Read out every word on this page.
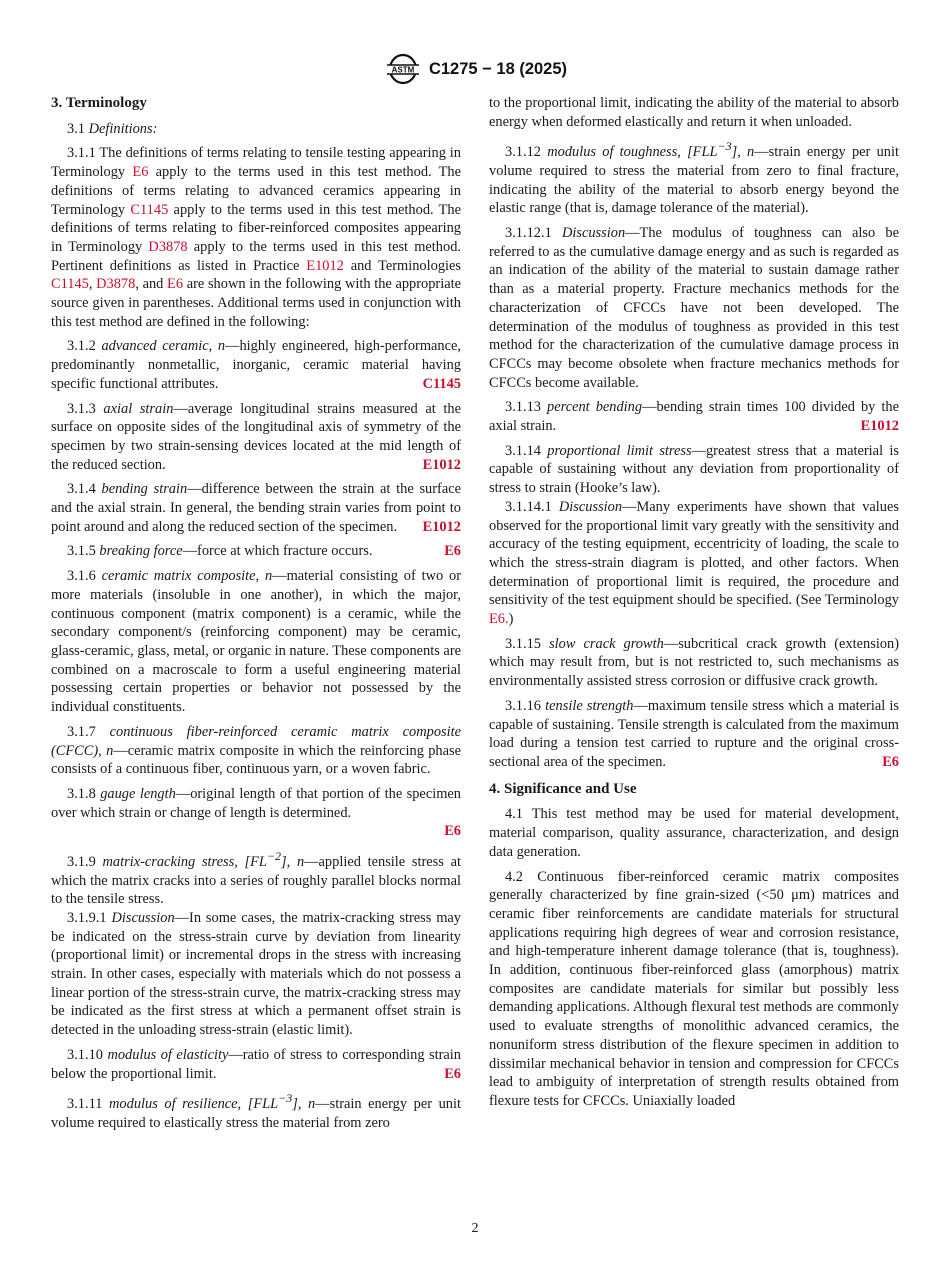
ASTM C1275 − 18 (2025)
3. Terminology

3.1 Definitions:

3.1.1 The definitions of terms relating to tensile testing appearing in Terminology E6 apply to the terms used in this test method. The definitions of terms relating to advanced ceramics appearing in Terminology C1145 apply to the terms used in this test method. The definitions of terms relating to fiber-reinforced composites appearing in Terminology D3878 apply to the terms used in this test method. Pertinent definitions as listed in Practice E1012 and Terminologies C1145, D3878, and E6 are shown in the following with the appropriate source given in parentheses. Additional terms used in conjunction with this test method are defined in the following:

3.1.2 advanced ceramic, n—highly engineered, high-performance, predominantly nonmetallic, inorganic, ceramic material having specific functional attributes.	C1145

3.1.3 axial strain—average longitudinal strains measured at the surface on opposite sides of the longitudinal axis of symmetry of the specimen by two strain-sensing devices located at the mid length of the reduced section.	E1012

3.1.4 bending strain—difference between the strain at the surface and the axial strain. In general, the bending strain varies from point to point around and along the reduced section of the specimen.	E1012

3.1.5 breaking force—force at which fracture occurs.	E6

3.1.6 ceramic matrix composite, n—material consisting of two or more materials (insoluble in one another), in which the major, continuous component (matrix component) is a ceramic, while the secondary component/s (reinforcing component) may be ceramic, glass-ceramic, glass, metal, or organic in nature. These components are combined on a macroscale to form a useful engineering material possessing certain properties or behavior not possessed by the individual constituents.

3.1.7 continuous fiber-reinforced ceramic matrix composite (CFCC), n—ceramic matrix composite in which the reinforcing phase consists of a continuous fiber, continuous yarn, or a woven fabric.

3.1.8 gauge length—original length of that portion of the specimen over which strain or change of length is determined.

E6

3.1.9 matrix-cracking stress, $[FL^{-2}]$, n—applied tensile stress at which the matrix cracks into a series of roughly parallel blocks normal to the tensile stress.

3.1.9.1 Discussion—In some cases, the matrix-cracking stress may be indicated on the stress-strain curve by deviation from linearity (proportional limit) or incremental drops in the stress with increasing strain. In other cases, especially with materials which do not possess a linear portion of the stress-strain curve, the matrix-cracking stress may be indicated as the first stress at which a permanent offset strain is detected in the unloading stress-strain (elastic limit).

3.1.10 modulus of elasticity—ratio of stress to corresponding strain below the proportional limit.	E6

3.1.11 modulus of resilience, $[FLL^{-3}]$, n—strain energy per unit volume required to elastically stress the material from zero

to the proportional limit, indicating the ability of the material to absorb energy when deformed elastically and return it when unloaded.

3.1.12 modulus of toughness, $[FLL^{-3}]$, n—strain energy per unit volume required to stress the material from zero to final fracture, indicating the ability of the material to absorb energy beyond the elastic range (that is, damage tolerance of the material).

3.1.12.1 Discussion—The modulus of toughness can also be referred to as the cumulative damage energy and as such is regarded as an indication of the ability of the material to sustain damage rather than as a material property. Fracture mechanics methods for the characterization of CFCCs have not been developed. The determination of the modulus of toughness as provided in this test method for the characterization of the cumulative damage process in CFCCs may become obsolete when fracture mechanics methods for CFCCs become available.

3.1.13 percent bending—bending strain times 100 divided by the axial strain.	E1012

3.1.14 proportional limit stress—greatest stress that a material is capable of sustaining without any deviation from proportionality of stress to strain (Hooke’s law).

3.1.14.1 Discussion—Many experiments have shown that values observed for the proportional limit vary greatly with the sensitivity and accuracy of the testing equipment, eccentricity of loading, the scale to which the stress-strain diagram is plotted, and other factors. When determination of proportional limit is required, the procedure and sensitivity of the test equipment should be specified. (See Terminology E6.)

3.1.15 slow crack growth—subcritical crack growth (extension) which may result from, but is not restricted to, such mechanisms as environmentally assisted stress corrosion or diffusive crack growth.

3.1.16 tensile strength—maximum tensile stress which a material is capable of sustaining. Tensile strength is calculated from the maximum load during a tension test carried to rupture and the original cross-sectional area of the specimen.	E6

4. Significance and Use

4.1 This test method may be used for material development, material comparison, quality assurance, characterization, and design data generation.

4.2 Continuous fiber-reinforced ceramic matrix composites generally characterized by fine grain-sized (<50 μm) matrices and ceramic fiber reinforcements are candidate materials for structural applications requiring high degrees of wear and corrosion resistance, and high-temperature inherent damage tolerance (that is, toughness). In addition, continuous fiber-reinforced glass (amorphous) matrix composites are candidate materials for similar but possibly less demanding applications. Although flexural test methods are commonly used to evaluate strengths of monolithic advanced ceramics, the nonuniform stress distribution of the flexure specimen in addition to dissimilar mechanical behavior in tension and compression for CFCCs lead to ambiguity of interpretation of strength results obtained from flexure tests for CFCCs. Uniaxially loaded

2
